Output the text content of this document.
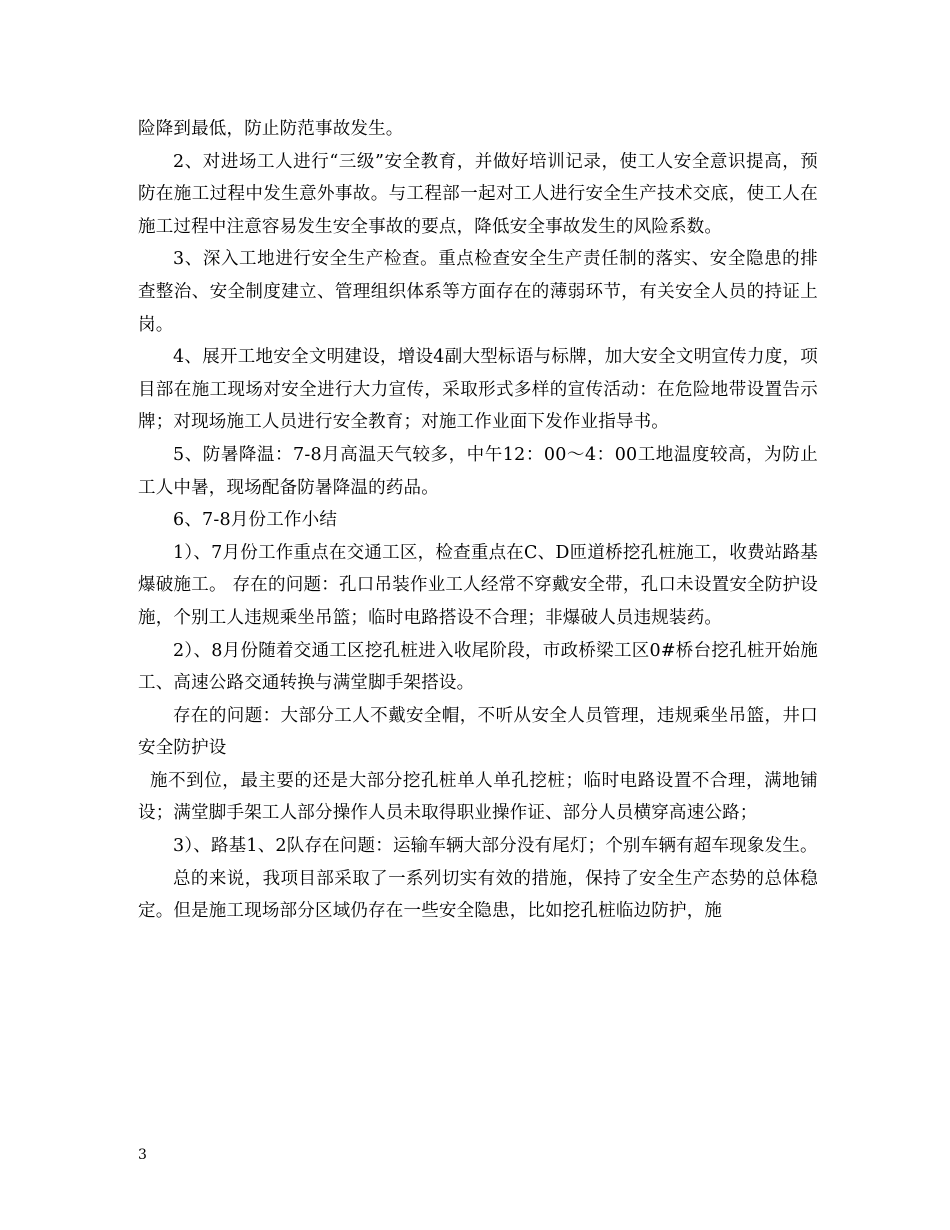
险降到最低，防止防范事故发生。

2、对进场工人进行“三级”安全教育，并做好培训记录，使工人安全意识提高，预防在施工过程中发生意外事故。与工程部一起对工人进行安全生产技术交底，使工人在施工过程中注意容易发生安全事故的要点，降低安全事故发生的风险系数。

3、深入工地进行安全生产检查。重点检查安全生产责任制的落实、安全隐患的排查整治、安全制度建立、管理组织体系等方面存在的薄弱环节，有关安全人员的持证上岗。

4、展开工地安全文明建设，增设4副大型标语与标牌，加大安全文明宣传力度，项目部在施工现场对安全进行大力宣传，采取形式多样的宣传活动：在危险地带设置告示牌；对现场施工人员进行安全教育；对施工作业面下发作业指导书。

5、防暑降温：7-8月高温天气较多，中午12：00～4：00工地温度较高，为防止工人中暑，现场配备防暑降温的药品。

6、7-8月份工作小结

1）、7月份工作重点在交通工区，检查重点在C、D匝道桥挖孔桩施工，收费站路基爆破施工。 存在的问题：孔口吊装作业工人经常不穿戴安全带，孔口未设置安全防护设施，个别工人违规乘坐吊篮；临时电路搭设不合理；非爆破人员违规装药。

2）、8月份随着交通工区挖孔桩进入收尾阶段，市政桥梁工区0#桥台挖孔桩开始施工、高速公路交通转换与满堂脚手架搭设。

存在的问题：大部分工人不戴安全帽，不听从安全人员管理，违规乘坐吊篮，井口安全防护设

施不到位，最主要的还是大部分挖孔桩单人单孔挖桩；临时电路设置不合理，满地铺设；满堂脚手架工人部分操作人员未取得职业操作证、部分人员横穿高速公路；

3）、路基1、2队存在问题：运输车辆大部分没有尾灯；个别车辆有超车现象发生。

总的来说，我项目部采取了一系列切实有效的措施，保持了安全生产态势的总体稳定。但是施工现场部分区域仍存在一些安全隐患，比如挖孔桩临边防护，施

3
